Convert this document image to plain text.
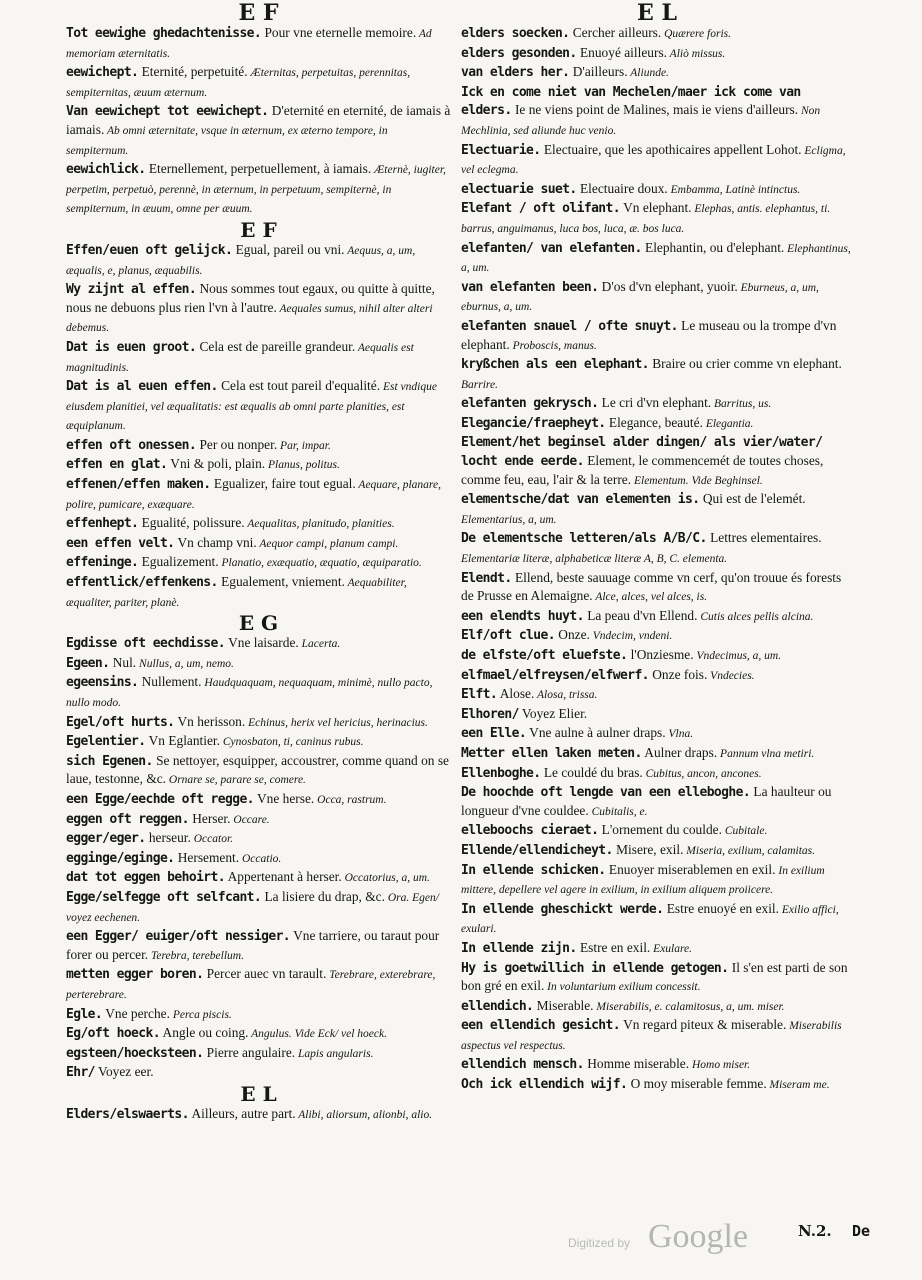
E F

Tot eewighe ghedachtenisse. Pour vne eternelle memoire. Ad memoriam æternitatis.

eewichept. Eternité, perpetuité. Æternitas, perpetuitas, perennitas, sempiternitas, æuum æternum.

Van eewichept tot eewichept. D'eternité en eternité, de iamais à iamais. Ab omni æternitate, vsque in æternum, ex æterno tempore, in sempiternum.

eewichlick. Eternellement, perpetuellement, à iamais. Æternè, iugiter, perpetim, perpetuò, perennè, in æternum, in perpetuum, sempiternè, in sempiternum, in æuum, omne per æuum.

E F

Effen/euen oft gelijck. Egual, pareil ou vni. Aequus, a, um, æqualis, e, planus, æquabilis.

Wy zijnt al effen. Nous sommes tout egaux, ou quitte à quitte, nous ne debuons plus rien l'vn à l'autre. Aequales sumus, nihil alter alteri debemus.

Dat is euen groot. Cela est de pareille grandeur. Aequalis est magnitudinis.

Dat is al euen effen. Cela est tout pareil d'equalité. Est vndique eiusdem planitiei, vel æqualitatis: est æqualis ab omni parte planities, est æquiplanum.

effen oft onessen. Per ou nonper. Par, impar.

effen en glat. Vni & poli, plain. Planus, politus.

effenen/effen maken. Egualizer, faire tout egual. Aequare, planare, polire, pumicare, exæquare.

effenhept. Egualité, polissure. Aequalitas, planitudo, planities.

een effen velt. Vn champ vni. Aequor campi, planum campi.

effeninge. Egualizement. Planatio, exæquatio, æquatio, æquiparatio.

effentlick/effenkens. Egualement, vniement. Aequabiliter, æqualiter, pariter, planè.

E G

Egdisse oft eechdisse. Vne laisarde. Lacerta.

Egeen. Nul. Nullus, a, um, nemo.

egeensins. Nullement. Haudquaquam, nequaquam, minimè, nullo pacto, nullo modo.

Egel/oft hurts. Vn herisson. Echinus, herix vel hericius, herinacius.

Egelentier. Vn Eglantier. Cynosbaton, ti, caninus rubus.

sich Egenen. Se nettoyer, esquipper, accoustrer, comme quand on se laue, testonne, &c. Ornare se, parare se, comere.

een Egge/eechde oft regge. Vne herse. Occa, rastrum.

eggen oft reggen. Herser. Occare.

egger/eger. herseur. Occator.

egginge/eginge. Hersement. Occatio.

dat tot eggen behoirt. Appertenant à herser. Occatorius, a, um.

Egge/selfegge oft selfcant. La lisiere du drap, &c. Ora. Egen/ voyez eechenen.

een Egger/ euiger/oft nessiger. Vne tarriere, ou taraut pour forer ou percer. Terebra, terebellum.

metten egger boren. Percer auec vn tarault. Terebrare, exterebrare, perterebrare.

Egle. Vne perche. Perca piscis.

Eg/oft hoeck. Angle ou coing. Angulus. Vide Eck/ vel hoeck.

egsteen/hoecksteen. Pierre angulaire. Lapis angularis.

Ehr/ Voyez eer.

E L

Elders/elswaerts. Ailleurs, autre part. Alibi, aliorsum, alionbi, alio.

E L

elders soecken. Cercher ailleurs. Quærere foris.

elders gesonden. Enuoyé ailleurs. Aliò missus.

van elders her. D'ailleurs. Aliunde.

Ick en come niet van Mechelen/maer ick come van elders. Ie ne viens point de Malines, mais ie viens d'ailleurs. Non Mechlinia, sed aliunde huc venio.

Electuarie. Electuaire, que les apothicaires appellent Lohot. Ecligma, vel eclegma.

electuarie suet. Electuaire doux. Embamma, Latinè intinctus.

Elefant / oft olifant. Vn elephant. Elephas, antis. elephantus, ti. barrus, anguimanus, luca bos, luca, æ. bos luca.

elefanten/ van elefanten. Elephantin, ou d'elephant. Elephantinus, a, um.

van elefanten been. D'os d'vn elephant, yuoir. Eburneus, a, um, eburnus, a, um.

elefanten snauel / ofte snuyt. Le museau ou la trompe d'vn elephant. Proboscis, manus.

kryßchen als een elephant. Braire ou crier comme vn elephant. Barrire.

elefanten gekrysch. Le cri d'vn elephant. Barritus, us.

Elegancie/fraepheyt. Elegance, beauté. Elegantia.

Element/het beginsel alder dingen/ als vier/water/ locht ende eerde. Element, le commencemét de toutes choses, comme feu, eau, l'air & la terre. Elementum. Vide Beghinsel.

elementsche/dat van elementen is. Qui est de l'elemét. Elementarius, a, um.

De elementsche letteren/als A/B/C. Lettres elementaires. Elementariæ literæ, alphabeticæ literæ A, B, C. elementa.

Elendt. Ellend, beste sauuage comme vn cerf, qu'on trouue és forests de Prusse en Alemaigne. Alce, alces, vel alces, is.

een elendts huyt. La peau d'vn Ellend. Cutis alces pellis alcina.

Elf/oft clue. Onze. Vndecim, vndeni.

de elfste/oft eluefste. l'Onziesme. Vndecimus, a, um.

elfmael/elfreysen/elfwerf. Onze fois. Vndecies.

Elft. Alose. Alosa, trissa.

Elhoren/ Voyez Elier.

een Elle. Vne aulne à aulner draps. Vlna.

Metter ellen laken meten. Aulner draps. Pannum vlna metiri.

Ellenboghe. Le couldé du bras. Cubitus, ancon, ancones.

De hoochde oft lengde van een elleboghe. La haulteur ou longueur d'vne couldee. Cubitalis, e.

elleboochs cieraet. L'ornement du coulde. Cubitale.

Ellende/ellendicheyt. Misere, exil. Miseria, exilium, calamitas.

In ellende schicken. Enuoyer miserablemen en exil. In exilium mittere, depellere vel agere in exilium, in exilium aliquem proiicere.

In ellende gheschickt werde. Estre enuoyé en exil. Exilio affici, exulari.

In ellende zijn. Estre en exil. Exulare.

Hy is goetwillich in ellende getogen. Il s'en est parti de son bon gré en exil. In voluntarium exilium concessit.

ellendich. Miserable. Miserabilis, e. calamitosus, a, um. miser.

een ellendich gesicht. Vn regard piteux & miserable. Miserabilis aspectus vel respectus.

ellendich mensch. Homme miserable. Homo miser.

Och ick ellendich wijf. O moy miserable femme. Miseram me.

Digitized by Google	N.2. De
